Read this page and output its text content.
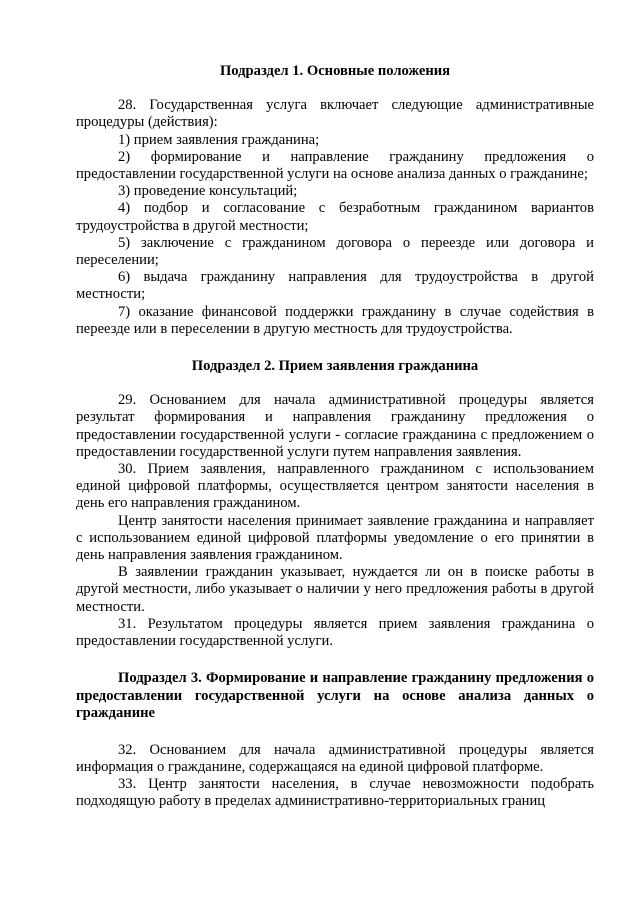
Подраздел 1. Основные положения

28. Государственная услуга включает следующие административные процедуры (действия):

1) прием заявления гражданина;

2) формирование и направление гражданину предложения о предоставлении государственной услуги на основе анализа данных о гражданине;

3) проведение консультаций;

4) подбор и согласование с безработным гражданином вариантов трудоустройства в другой местности;

5) заключение с гражданином договора о переезде или договора и переселении;

6) выдача гражданину направления для трудоустройства в другой местности;

7) оказание финансовой поддержки гражданину в случае содействия в переезде или в переселении в другую местность для трудоустройства.

Подраздел 2. Прием заявления гражданина

29. Основанием для начала административной процедуры является результат формирования и направления гражданину предложения о предоставлении государственной услуги - согласие гражданина с предложением о предоставлении государственной услуги путем направления заявления.

30. Прием заявления, направленного гражданином с использованием единой цифровой платформы, осуществляется центром занятости населения в день его направления гражданином.

Центр занятости населения принимает заявление гражданина и направляет с использованием единой цифровой платформы уведомление о его принятии в день направления заявления гражданином.

В заявлении гражданин указывает, нуждается ли он в поиске работы в другой местности, либо указывает о наличии у него предложения работы в другой местности.

31. Результатом процедуры является прием заявления гражданина о предоставлении государственной услуги.

Подраздел 3. Формирование и направление гражданину предложения о предоставлении государственной услуги на основе анализа данных о гражданине

32. Основанием для начала административной процедуры является информация о гражданине, содержащаяся на единой цифровой платформе.

33. Центр занятости населения, в случае невозможности подобрать подходящую работу в пределах административно-территориальных границ
